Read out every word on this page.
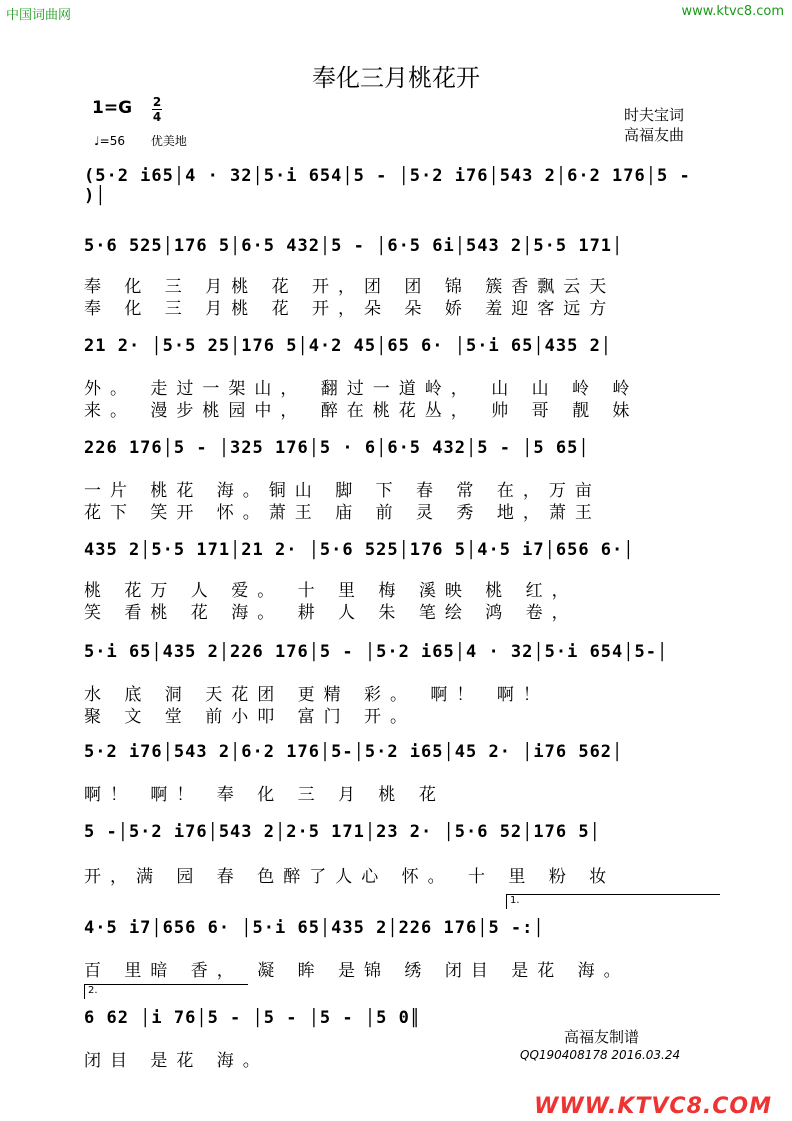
中国词曲网	www.ktvc8.com
奉化三月桃花开
1=G 2
4
♩=56 优美地
时夫宝词
高福友曲
(5·2 i65│4 · 32│5·i 654│5 - │5·2 i76│543 2│6·2 176│5 - )│
5·6 525│176 5│6·5 432│5 - │6·5 6i│543 2│5·5 171│
21 2· │5·5 25│176 5│4·2 45│65 6· │5·i 65│435 2│
226 176│5 - │325 176│5 · 6│6·5 432│5 - │5 65│
435 2│5·5 171│21 2· │5·6 525│176 5│4·5 i7│656 6·│
5·i 65│435 2│226 176│5 - │5·2 i65│4 · 32│5·i 654│5-│
5·2 i76│543 2│6·2 176│5-│5·2 i65│45 2· │i76 562│
5 -│5·2 i76│543 2│2·5 171│23 2· │5·6 52│176 5│
4·5 i7│656 6· │5·i 65│435 2│226 176│5 -:│
6 62 │i 76│5 - │5 - │5 - │5 0║
1.
2.
奉 化 三 月桃 花 开，团 团 锦 簇香飘云天
奉 化 三 月桃 花 开，朵 朵 娇 羞迎客远方
外。 走过一架山， 翻过一道岭， 山 山 岭 岭
来。 漫步桃园中， 醉在桃花丛， 帅 哥 靓 妹
一片 桃花 海。铜山 脚 下 春 常 在，万亩
花下 笑开 怀。萧王 庙 前 灵 秀 地，萧王
桃 花万 人 爱。 十 里 梅 溪映 桃 红，
笑 看桃 花 海。 耕 人 朱 笔绘 鸿 卷，
水 底 洞 天花团 更精 彩。 啊！ 啊！
聚 文 堂 前小叩 富门 开。
啊！ 啊！ 奉 化 三 月 桃 花
开，满 园 春 色醉了人心 怀。 十 里 粉 妆
百 里暗 香， 凝 眸 是锦 绣 闭目 是花 海。
闭目 是花 海。
高福友制谱
QQ190408178 2016.03.24
WWW.KTVC8.COM
